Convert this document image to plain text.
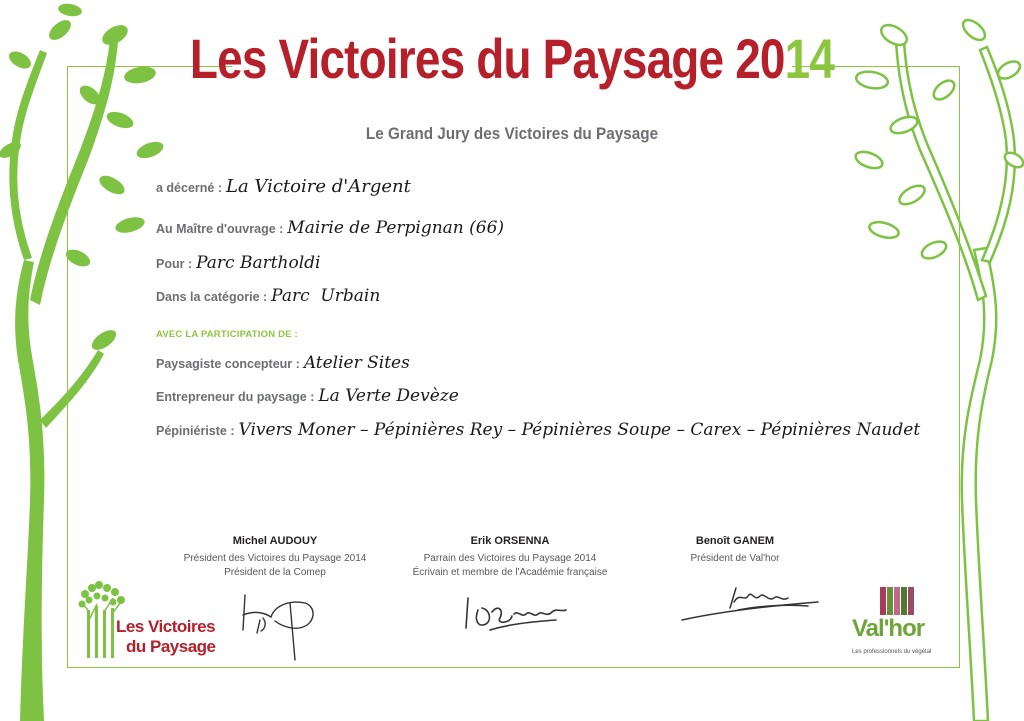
Les Victoires du Paysage 2014
Le Grand Jury des Victoires du Paysage
a décerné : La Victoire d'Argent
Au Maître d'ouvrage : Mairie de Perpignan (66)
Pour : Parc Bartholdi
Dans la catégorie : Parc  Urbain
AVEC LA PARTICIPATION DE :
Paysagiste concepteur : Atelier Sites
Entrepreneur du paysage : La Verte Devèze
Pépiniériste : Vivers Moner – Pépinières Rey – Pépinières Soupe – Carex – Pépinières Naudet
Michel AUDOUY
Président des Victoires du Paysage 2014
Président de la Comep
Erik ORSENNA
Parrain des Victoires du Paysage 2014
Écrivain et membre de l'Académie française
Benoît GANEM
Président de Val'hor
Les Victoires
du Paysage
Val'hor
Les professionnels du végétal
